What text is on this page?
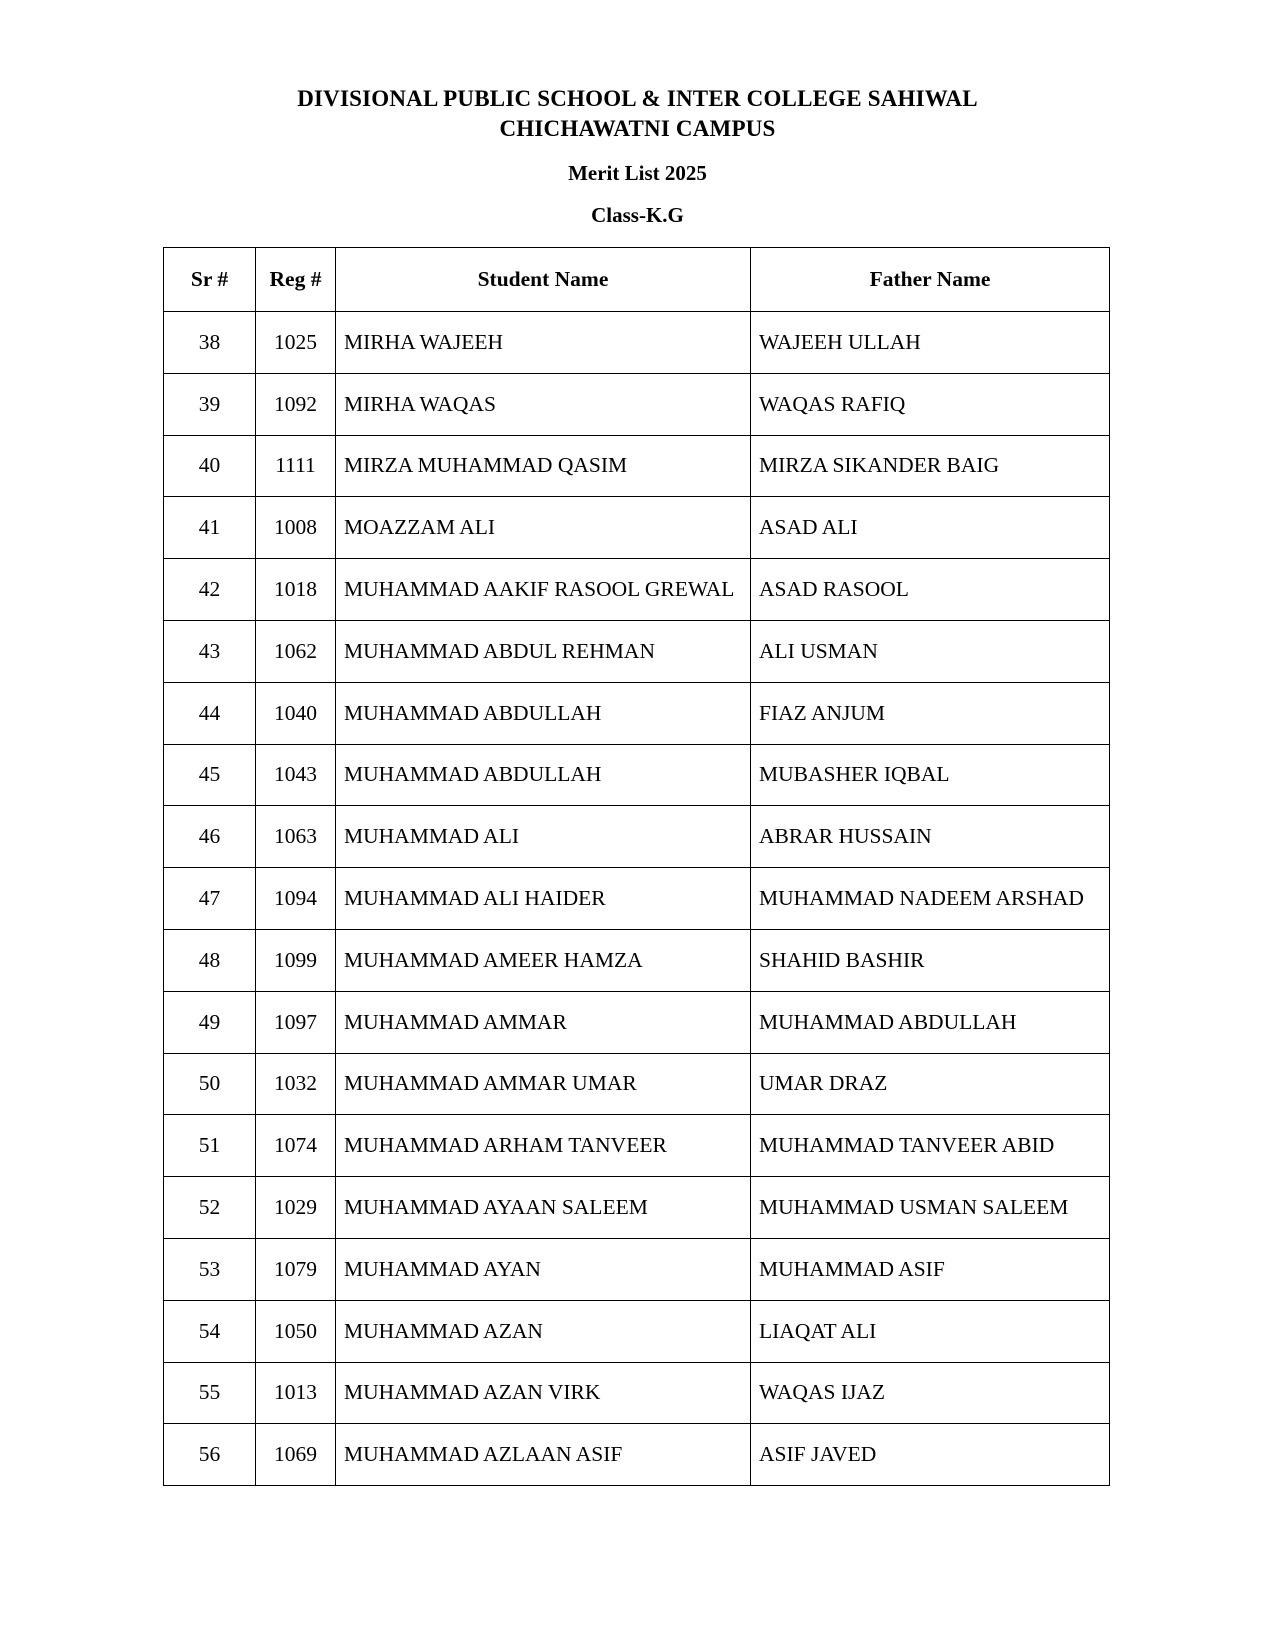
DIVISIONAL PUBLIC SCHOOL & INTER COLLEGE SAHIWAL
CHICHAWATNI CAMPUS
Merit List 2025
Class-K.G
Sr #	Reg #	Student Name	Father Name
38	1025	MIRHA WAJEEH	WAJEEH ULLAH
39	1092	MIRHA WAQAS	WAQAS RAFIQ
40	1111	MIRZA MUHAMMAD QASIM	MIRZA SIKANDER BAIG
41	1008	MOAZZAM ALI	ASAD ALI
42	1018	MUHAMMAD AAKIF RASOOL GREWAL	ASAD RASOOL
43	1062	MUHAMMAD ABDUL REHMAN	ALI USMAN
44	1040	MUHAMMAD ABDULLAH	FIAZ ANJUM
45	1043	MUHAMMAD ABDULLAH	MUBASHER IQBAL
46	1063	MUHAMMAD ALI	ABRAR HUSSAIN
47	1094	MUHAMMAD ALI HAIDER	MUHAMMAD NADEEM ARSHAD
48	1099	MUHAMMAD AMEER HAMZA	SHAHID BASHIR
49	1097	MUHAMMAD AMMAR	MUHAMMAD ABDULLAH
50	1032	MUHAMMAD AMMAR UMAR	UMAR DRAZ
51	1074	MUHAMMAD ARHAM TANVEER	MUHAMMAD TANVEER ABID
52	1029	MUHAMMAD AYAAN SALEEM	MUHAMMAD USMAN SALEEM
53	1079	MUHAMMAD AYAN	MUHAMMAD ASIF
54	1050	MUHAMMAD AZAN	LIAQAT ALI
55	1013	MUHAMMAD AZAN VIRK	WAQAS IJAZ
56	1069	MUHAMMAD AZLAAN ASIF	ASIF JAVED
